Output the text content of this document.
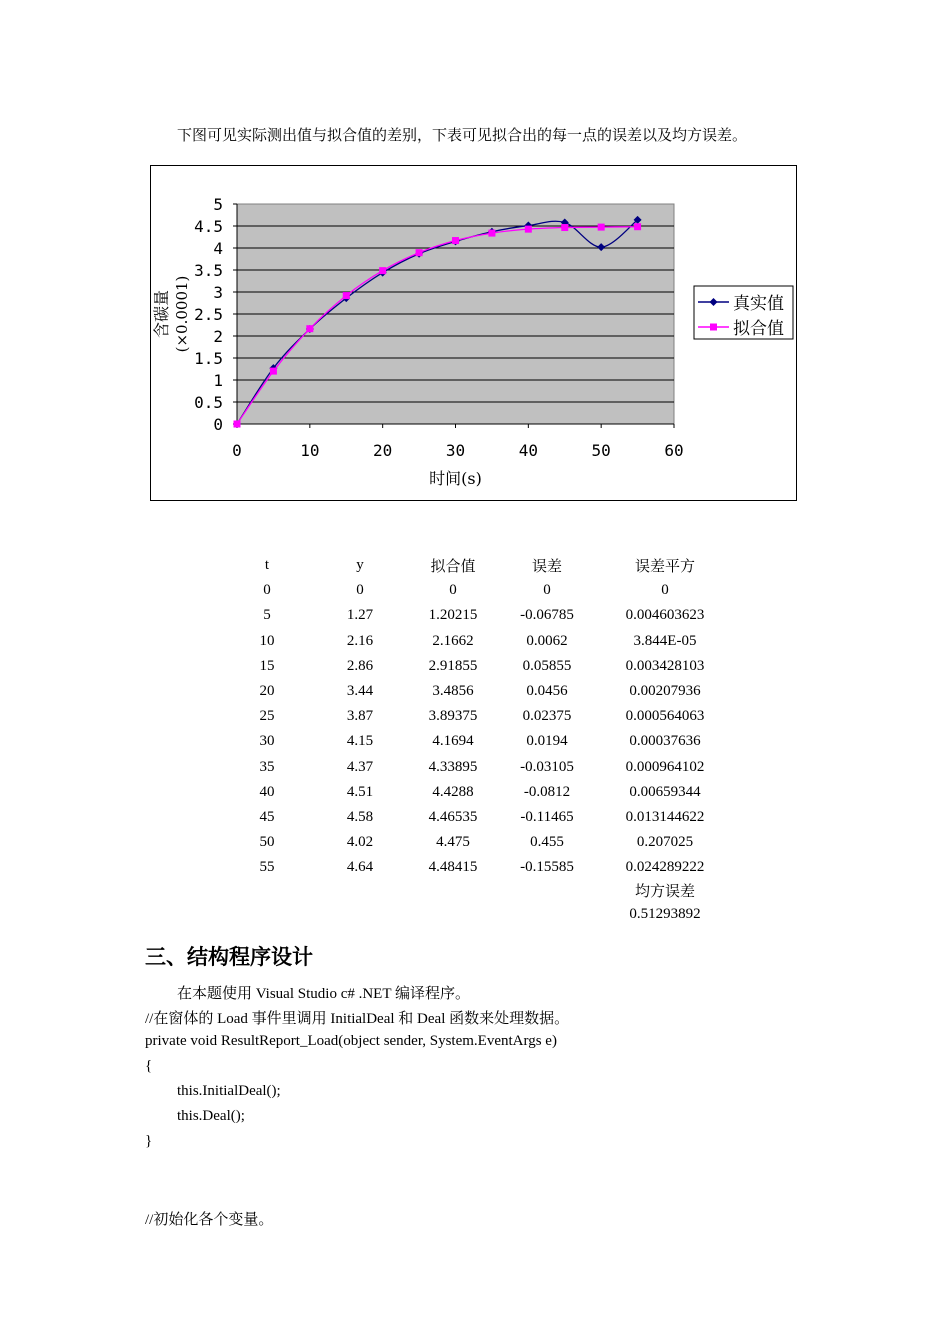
下图可见实际测出值与拟合值的差别，下表可见拟合出的每一点的误差以及均方误差。
0
0.5
1
1.5
2
2.5
3
3.5
4
4.5
5
0	10	20	30	40	50	60
时间(s)
含碳量 (×0.0001)	真实值
拟合值
t	y	拟合值	误差	误差平方
0	0	0	0	0
5	1.27	1.20215	-0.06785	0.004603623
10	2.16	2.1662	0.0062	3.844E-05
15	2.86	2.91855	0.05855	0.003428103
20	3.44	3.4856	0.0456	0.00207936
25	3.87	3.89375	0.02375	0.000564063
30	4.15	4.1694	0.0194	0.00037636
35	4.37	4.33895	-0.03105	0.000964102
40	4.51	4.4288	-0.0812	0.00659344
45	4.58	4.46535	-0.11465	0.013144622
50	4.02	4.475	0.455	0.207025
55	4.64	4.48415	-0.15585	0.024289222
均方误差
0.51293892
三、结构程序设计
在本题使用 Visual Studio c# .NET 编译程序。
//在窗体的 Load 事件里调用 InitialDeal 和 Deal 函数来处理数据。
private void ResultReport_Load(object sender, System.EventArgs e)
{
this.InitialDeal();
this.Deal();
}
//初始化各个变量。
